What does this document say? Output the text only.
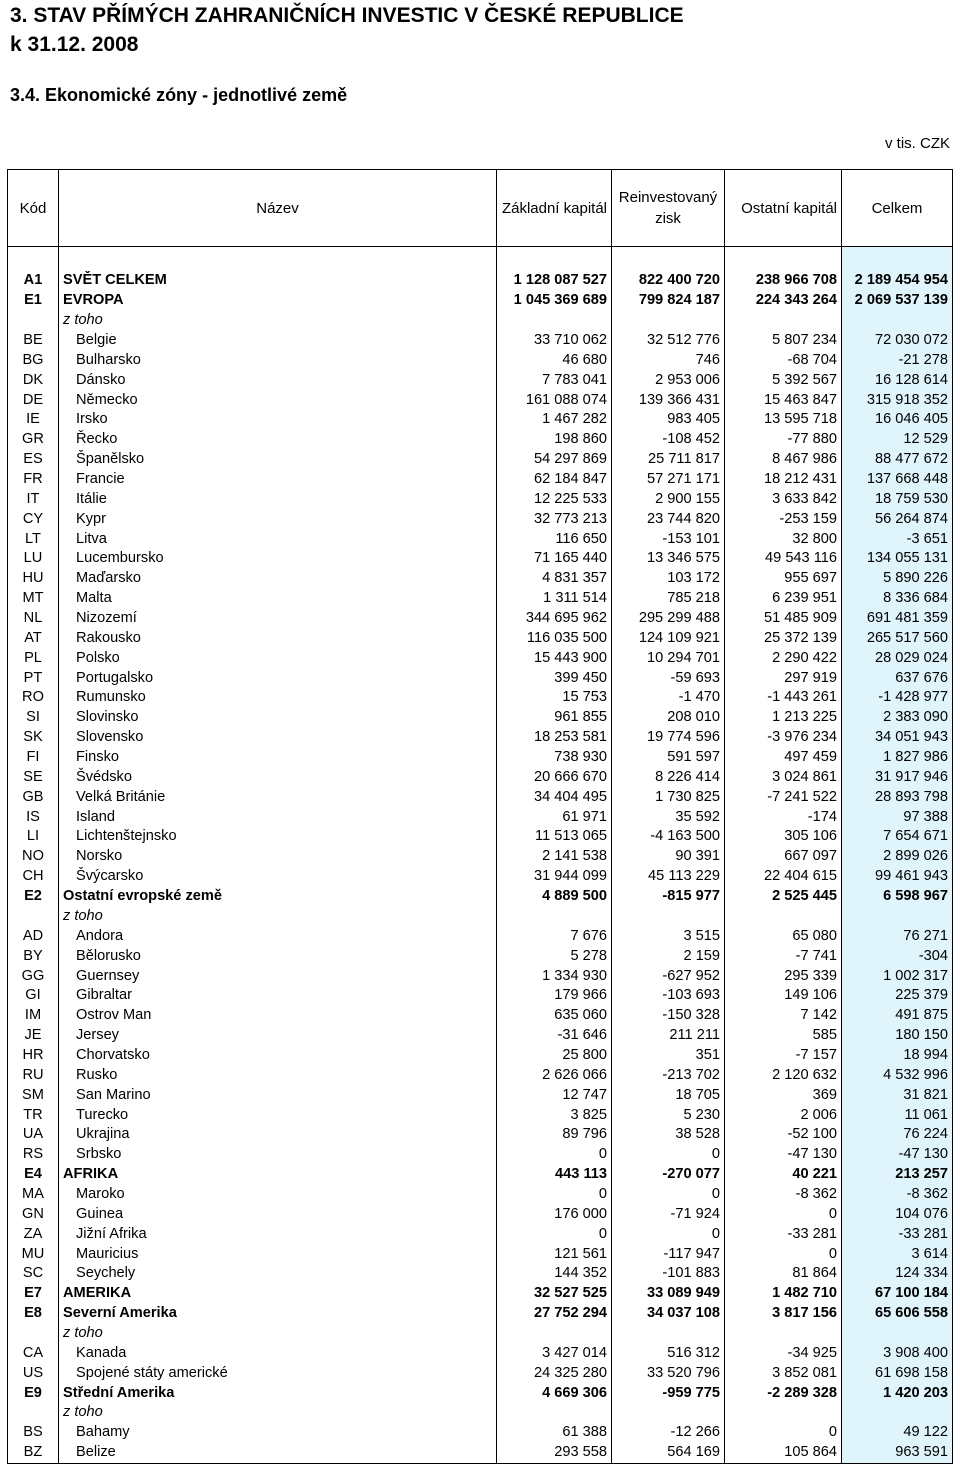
3. STAV PŘÍMÝCH ZAHRANIČNÍCH INVESTIC V ČESKÉ REPUBLICE
k 31.12. 2008
3.4. Ekonomické zóny - jednotlivé země
v tis. CZK
Kód	Název	Základní kapitál	Reinvestovaný zisk	Ostatní kapitál	Celkem

A1	SVĚT CELKEM	1 128 087 527	822 400 720	238 966 708	2 189 454 954
E1	EVROPA	1 045 369 689	799 824 187	224 343 264	2 069 537 139
	z toho				
BE	Belgie	33 710 062	32 512 776	5 807 234	72 030 072
BG	Bulharsko	46 680	746	-68 704	-21 278
DK	Dánsko	7 783 041	2 953 006	5 392 567	16 128 614
DE	Německo	161 088 074	139 366 431	15 463 847	315 918 352
IE	Irsko	1 467 282	983 405	13 595 718	16 046 405
GR	Řecko	198 860	-108 452	-77 880	12 529
ES	Španělsko	54 297 869	25 711 817	8 467 986	88 477 672
FR	Francie	62 184 847	57 271 171	18 212 431	137 668 448
IT	Itálie	12 225 533	2 900 155	3 633 842	18 759 530
CY	Kypr	32 773 213	23 744 820	-253 159	56 264 874
LT	Litva	116 650	-153 101	32 800	-3 651
LU	Lucembursko	71 165 440	13 346 575	49 543 116	134 055 131
HU	Maďarsko	4 831 357	103 172	955 697	5 890 226
MT	Malta	1 311 514	785 218	6 239 951	8 336 684
NL	Nizozemí	344 695 962	295 299 488	51 485 909	691 481 359
AT	Rakousko	116 035 500	124 109 921	25 372 139	265 517 560
PL	Polsko	15 443 900	10 294 701	2 290 422	28 029 024
PT	Portugalsko	399 450	-59 693	297 919	637 676
RO	Rumunsko	15 753	-1 470	-1 443 261	-1 428 977
SI	Slovinsko	961 855	208 010	1 213 225	2 383 090
SK	Slovensko	18 253 581	19 774 596	-3 976 234	34 051 943
FI	Finsko	738 930	591 597	497 459	1 827 986
SE	Švédsko	20 666 670	8 226 414	3 024 861	31 917 946
GB	Velká Británie	34 404 495	1 730 825	-7 241 522	28 893 798
IS	Island	61 971	35 592	-174	97 388
LI	Lichtenštejnsko	11 513 065	-4 163 500	305 106	7 654 671
NO	Norsko	2 141 538	90 391	667 097	2 899 026
CH	Švýcarsko	31 944 099	45 113 229	22 404 615	99 461 943
E2	Ostatní evropské země	4 889 500	-815 977	2 525 445	6 598 967
	z toho				
AD	Andora	7 676	3 515	65 080	76 271
BY	Bělorusko	5 278	2 159	-7 741	-304
GG	Guernsey	1 334 930	-627 952	295 339	1 002 317
GI	Gibraltar	179 966	-103 693	149 106	225 379
IM	Ostrov Man	635 060	-150 328	7 142	491 875
JE	Jersey	-31 646	211 211	585	180 150
HR	Chorvatsko	25 800	351	-7 157	18 994
RU	Rusko	2 626 066	-213 702	2 120 632	4 532 996
SM	San Marino	12 747	18 705	369	31 821
TR	Turecko	3 825	5 230	2 006	11 061
UA	Ukrajina	89 796	38 528	-52 100	76 224
RS	Srbsko	0	0	-47 130	-47 130
E4	AFRIKA	443 113	-270 077	40 221	213 257
MA	Maroko	0	0	-8 362	-8 362
GN	Guinea	176 000	-71 924	0	104 076
ZA	Jižní Afrika	0	0	-33 281	-33 281
MU	Mauricius	121 561	-117 947	0	3 614
SC	Seychely	144 352	-101 883	81 864	124 334
E7	AMERIKA	32 527 525	33 089 949	1 482 710	67 100 184
E8	Severní Amerika	27 752 294	34 037 108	3 817 156	65 606 558
	z toho				
CA	Kanada	3 427 014	516 312	-34 925	3 908 400
US	Spojené státy americké	24 325 280	33 520 796	3 852 081	61 698 158
E9	Střední Amerika	4 669 306	-959 775	-2 289 328	1 420 203
	z toho				
BS	Bahamy	61 388	-12 266	0	49 122
BZ	Belize	293 558	564 169	105 864	963 591
